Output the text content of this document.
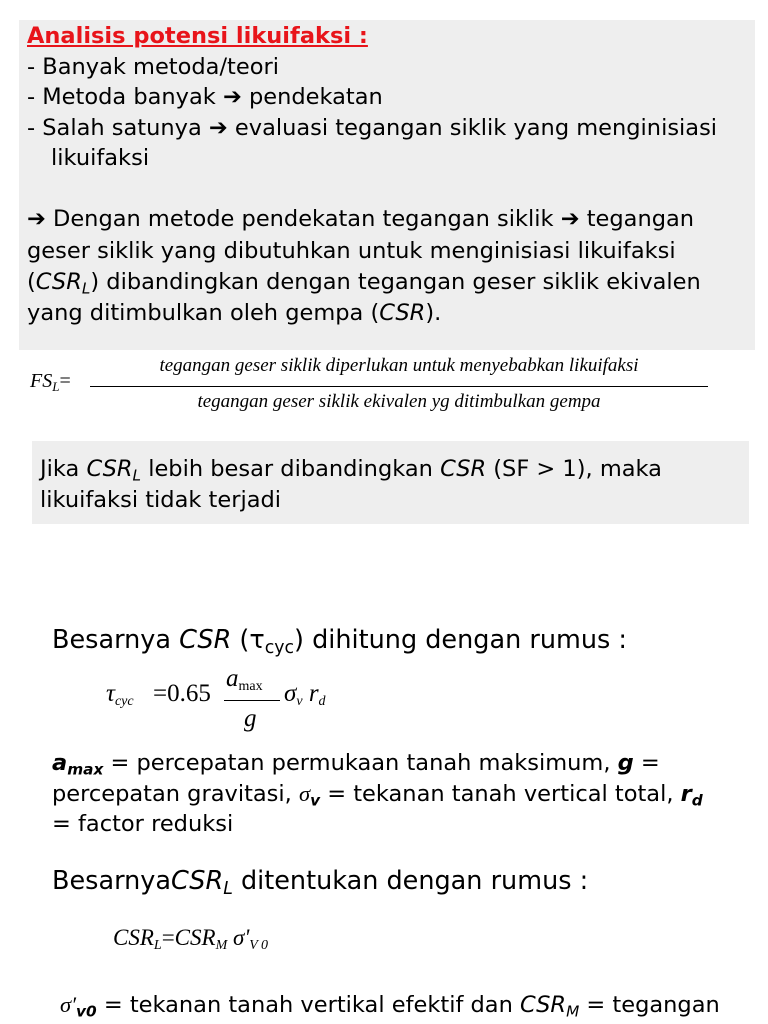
Analisis potensi likuifaksi :
- Banyak metoda/teori
- Metoda banyak ➔ pendekatan
- Salah satunya ➔ evaluasi tegangan siklik yang menginisiasi
likuifaksi
➔ Dengan metode pendekatan tegangan siklik ➔ tegangan
geser siklik yang dibutuhkan untuk menginisiasi likuifaksi
$(CSR_L)$ dibandingkan dengan tegangan geser siklik ekivalen
yang ditimbulkan oleh gempa (CSR).
$FS_L=$
tegangan geser siklik diperlukan untuk menyebabkan likuifaksi
tegangan geser siklik ekivalen yg ditimbulkan gempa
Jika $CSR_L$ lebih besar dibandingkan CSR (SF > 1), maka
likuifaksi tidak terjadi
Besarnya CSR $(\tau_{cyc})$ dihitung dengan rumus :
$\tau_{cyc} =0.65$
$a_{max}$
g
$\sigma_v$ $r_d$
$a_{max}$ = percepatan permukaan tanah maksimum, g =
percepatan gravitasi, $\sigma_v$ = tekanan tanah vertical total, $r_d$
= factor reduksi
BesarnyaCSR$_L$ ditentukan dengan rumus :
$CSR_L=CSR_M$ $\sigma'_{V 0}$
$\sigma'_{v0}$ = tekanan tanah vertikal efektif dan $CSR_M$ = tegangan
